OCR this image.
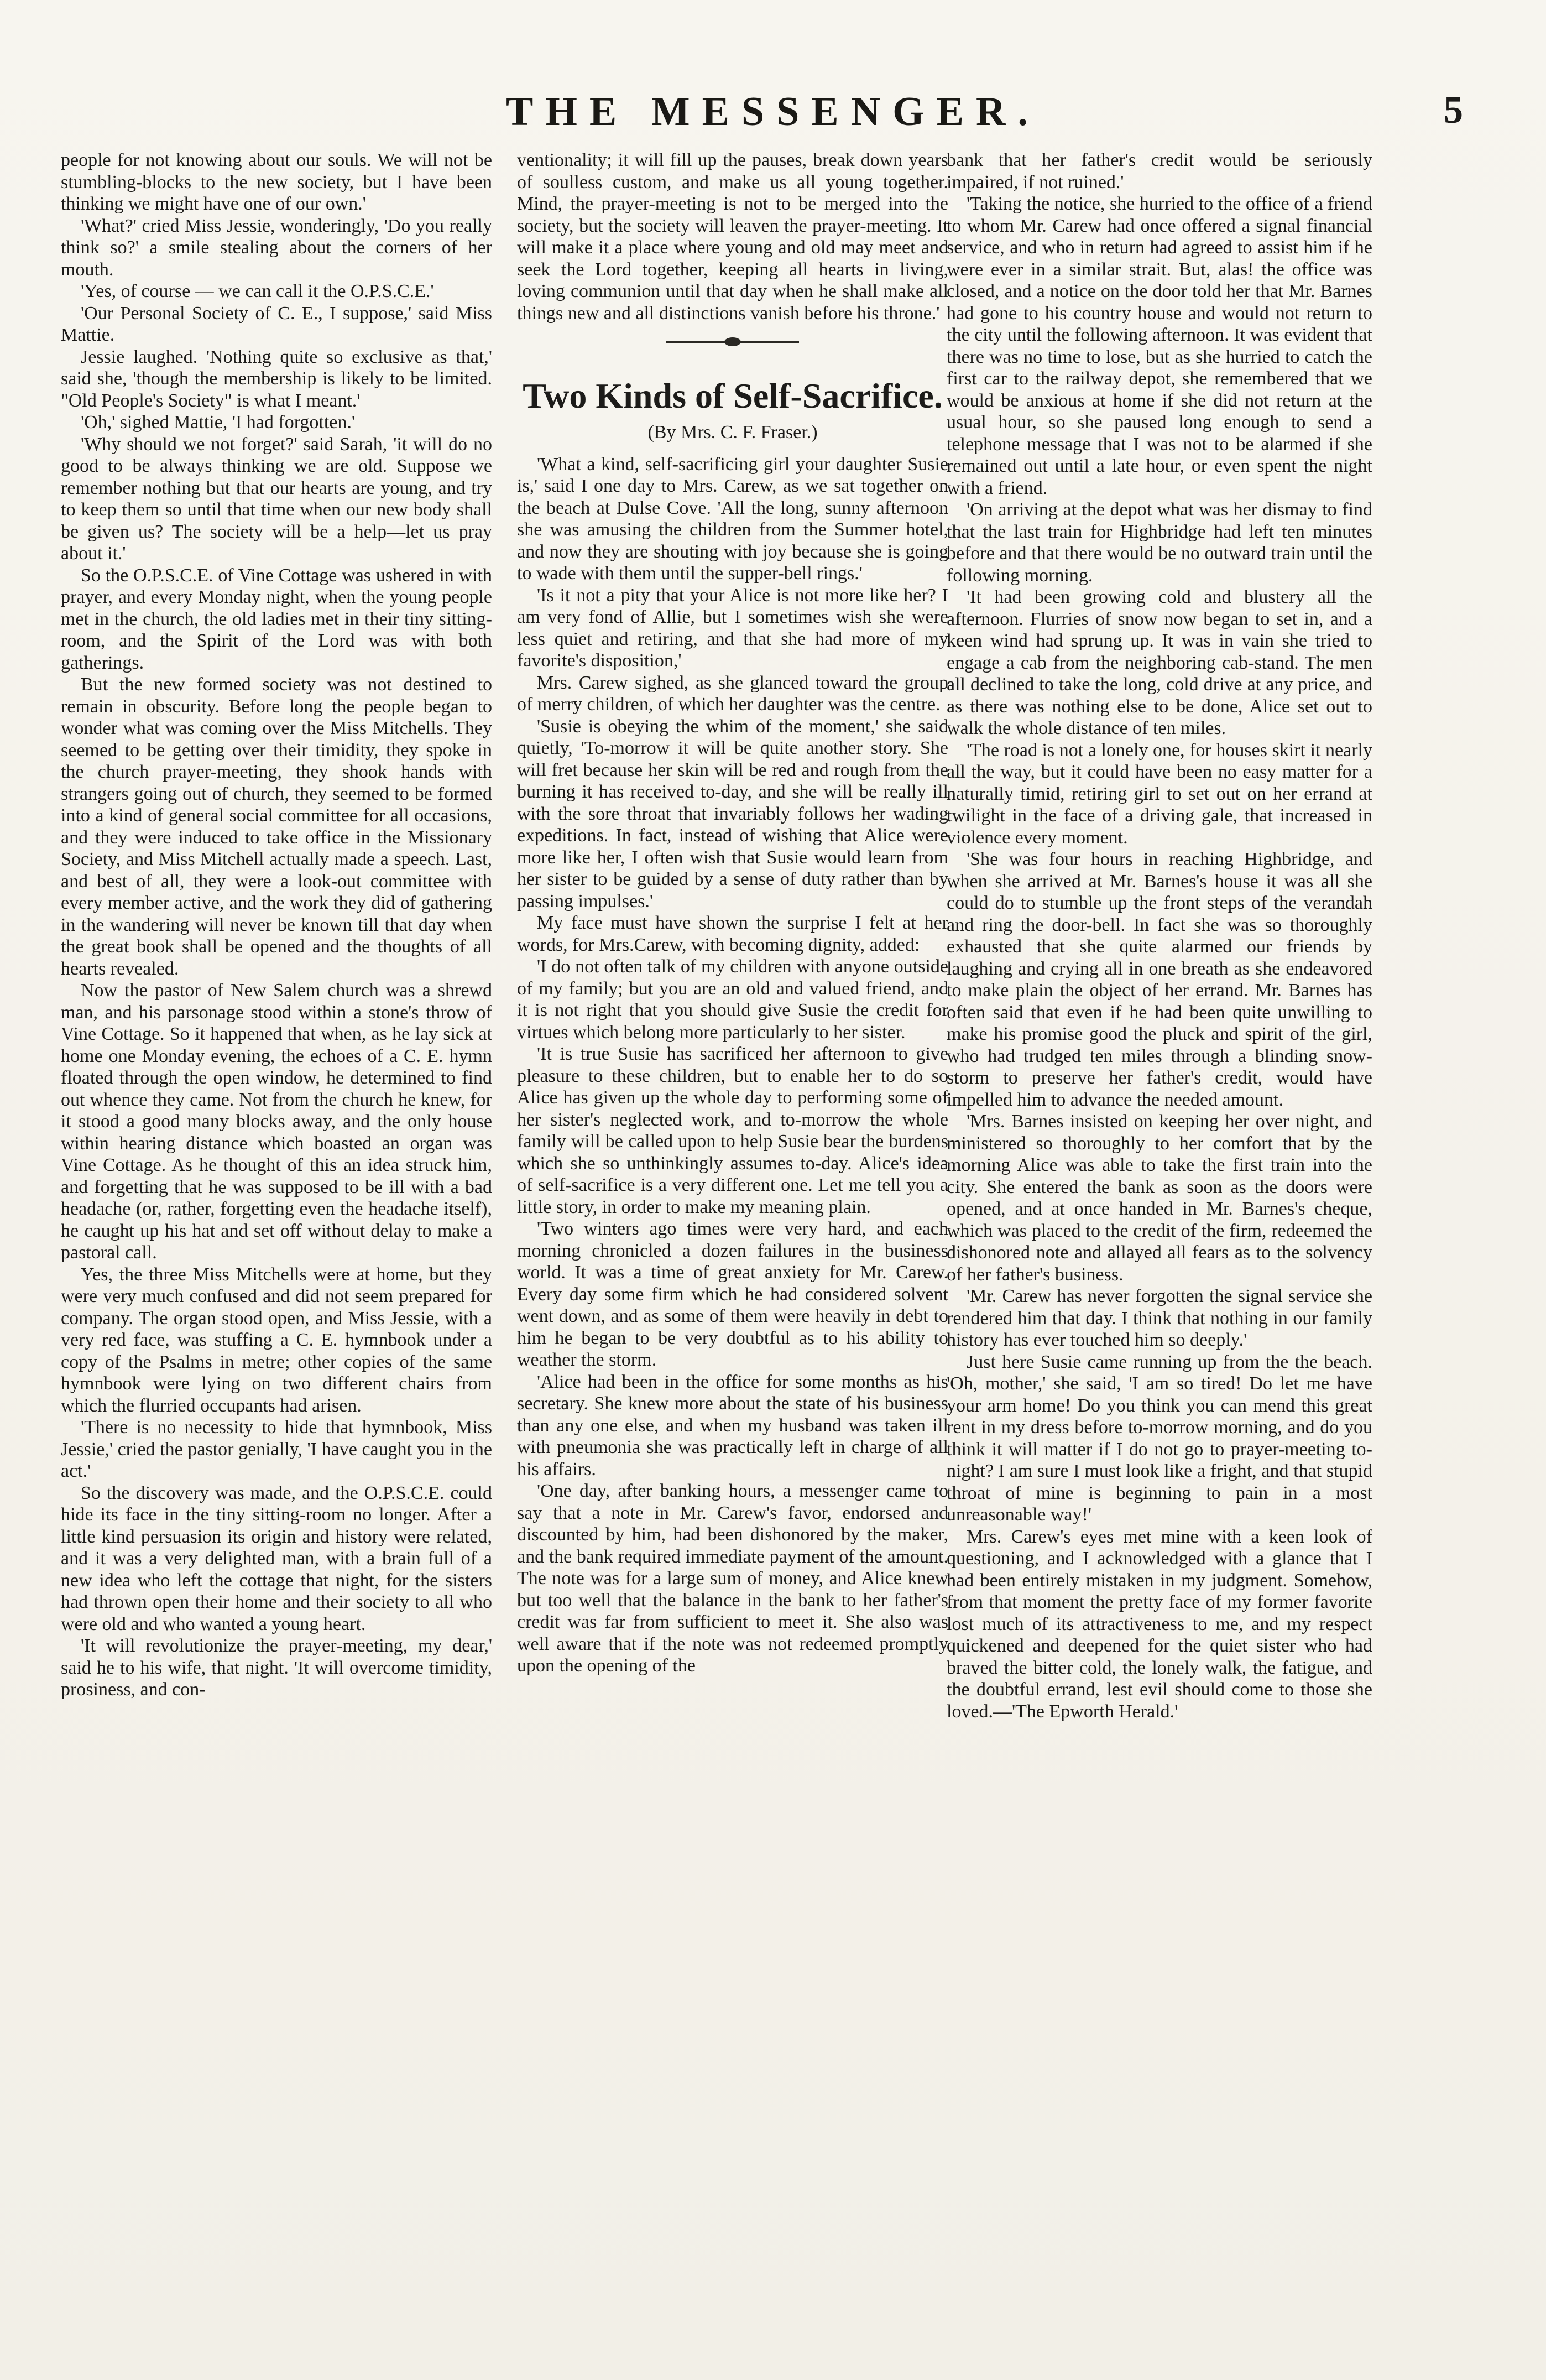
THE MESSENGER.	5

people for not knowing about our souls. We will not be stumbling-blocks to the new society, but I have been thinking we might have one of our own.'

'What?' cried Miss Jessie, wonderingly, 'Do you really think so?' a smile stealing about the corners of her mouth.

'Yes, of course — we can call it the O.P.S.C.E.'

'Our Personal Society of C. E., I suppose,' said Miss Mattie.

Jessie laughed. 'Nothing quite so exclusive as that,' said she, 'though the membership is likely to be limited. "Old People's Society" is what I meant.'

'Oh,' sighed Mattie, 'I had forgotten.'

'Why should we not forget?' said Sarah, 'it will do no good to be always thinking we are old. Suppose we remember nothing but that our hearts are young, and try to keep them so until that time when our new body shall be given us? The society will be a help—let us pray about it.'

So the O.P.S.C.E. of Vine Cottage was ushered in with prayer, and every Monday night, when the young people met in the church, the old ladies met in their tiny sitting-room, and the Spirit of the Lord was with both gatherings.

But the new formed society was not destined to remain in obscurity. Before long the people began to wonder what was coming over the Miss Mitchells. They seemed to be getting over their timidity, they spoke in the church prayer-meeting, they shook hands with strangers going out of church, they seemed to be formed into a kind of general social committee for all occasions, and they were induced to take office in the Missionary Society, and Miss Mitchell actually made a speech. Last, and best of all, they were a look-out committee with every member active, and the work they did of gathering in the wandering will never be known till that day when the great book shall be opened and the thoughts of all hearts revealed.

Now the pastor of New Salem church was a shrewd man, and his parsonage stood within a stone's throw of Vine Cottage. So it happened that when, as he lay sick at home one Monday evening, the echoes of a C. E. hymn floated through the open window, he determined to find out whence they came. Not from the church he knew, for it stood a good many blocks away, and the only house within hearing distance which boasted an organ was Vine Cottage. As he thought of this an idea struck him, and forgetting that he was supposed to be ill with a bad headache (or, rather, forgetting even the headache itself), he caught up his hat and set off without delay to make a pastoral call.

Yes, the three Miss Mitchells were at home, but they were very much confused and did not seem prepared for company. The organ stood open, and Miss Jessie, with a very red face, was stuffing a C. E. hymnbook under a copy of the Psalms in metre; other copies of the same hymnbook were lying on two different chairs from which the flurried occupants had arisen.

'There is no necessity to hide that hymnbook, Miss Jessie,' cried the pastor genially, 'I have caught you in the act.'

So the discovery was made, and the O.P.S.C.E. could hide its face in the tiny sitting-room no longer. After a little kind persuasion its origin and history were related, and it was a very delighted man, with a brain full of a new idea who left the cottage that night, for the sisters had thrown open their home and their society to all who were old and who wanted a young heart.

'It will revolutionize the prayer-meeting, my dear,' said he to his wife, that night. 'It will overcome timidity, prosiness, and con-

ventionality; it will fill up the pauses, break down years of soulless custom, and make us all young together. Mind, the prayer-meeting is not to be merged into the society, but the society will leaven the prayer-meeting. It will make it a place where young and old may meet and seek the Lord together, keeping all hearts in living, loving communion until that day when he shall make all things new and all distinctions vanish before his throne.'

Two Kinds of Self-Sacrifice.
(By Mrs. C. F. Fraser.)

'What a kind, self-sacrificing girl your daughter Susie is,' said I one day to Mrs. Carew, as we sat together on the beach at Dulse Cove. 'All the long, sunny afternoon she was amusing the children from the Summer hotel, and now they are shouting with joy because she is going to wade with them until the supper-bell rings.'

'Is it not a pity that your Alice is not more like her? I am very fond of Allie, but I sometimes wish she were less quiet and retiring, and that she had more of my favorite's disposition,'

Mrs. Carew sighed, as she glanced toward the group of merry children, of which her daughter was the centre.

'Susie is obeying the whim of the moment,' she said quietly, 'To-morrow it will be quite another story. She will fret because her skin will be red and rough from the burning it has received to-day, and she will be really ill with the sore throat that invariably follows her wading expeditions. In fact, instead of wishing that Alice were more like her, I often wish that Susie would learn from her sister to be guided by a sense of duty rather than by passing impulses.'

My face must have shown the surprise I felt at her words, for Mrs.Carew, with becoming dignity, added:

'I do not often talk of my children with anyone outside of my family; but you are an old and valued friend, and it is not right that you should give Susie the credit for virtues which belong more particularly to her sister.

'It is true Susie has sacrificed her afternoon to give pleasure to these children, but to enable her to do so Alice has given up the whole day to performing some of her sister's neglected work, and to-morrow the whole family will be called upon to help Susie bear the burdens which she so unthinkingly assumes to-day. Alice's idea of self-sacrifice is a very different one. Let me tell you a little story, in order to make my meaning plain.

'Two winters ago times were very hard, and each morning chronicled a dozen failures in the business world. It was a time of great anxiety for Mr. Carew. Every day some firm which he had considered solvent went down, and as some of them were heavily in debt to him he began to be very doubtful as to his ability to weather the storm.

'Alice had been in the office for some months as his secretary. She knew more about the state of his business than any one else, and when my husband was taken ill with pneumonia she was practically left in charge of all his affairs.

'One day, after banking hours, a messenger came to say that a note in Mr. Carew's favor, endorsed and discounted by him, had been dishonored by the maker, and the bank required immediate payment of the amount. The note was for a large sum of money, and Alice knew but too well that the balance in the bank to her father's credit was far from sufficient to meet it. She also was well aware that if the note was not redeemed promptly upon the opening of the

bank that her father's credit would be seriously impaired, if not ruined.'

'Taking the notice, she hurried to the office of a friend to whom Mr. Carew had once offered a signal financial service, and who in return had agreed to assist him if he were ever in a similar strait. But, alas! the office was closed, and a notice on the door told her that Mr. Barnes had gone to his country house and would not return to the city until the following afternoon. It was evident that there was no time to lose, but as she hurried to catch the first car to the railway depot, she remembered that we would be anxious at home if she did not return at the usual hour, so she paused long enough to send a telephone message that I was not to be alarmed if she remained out until a late hour, or even spent the night with a friend.

'On arriving at the depot what was her dismay to find that the last train for Highbridge had left ten minutes before and that there would be no outward train until the following morning.

'It had been growing cold and blustery all the afternoon. Flurries of snow now began to set in, and a keen wind had sprung up. It was in vain she tried to engage a cab from the neighboring cab-stand. The men all declined to take the long, cold drive at any price, and as there was nothing else to be done, Alice set out to walk the whole distance of ten miles.

'The road is not a lonely one, for houses skirt it nearly all the way, but it could have been no easy matter for a naturally timid, retiring girl to set out on her errand at twilight in the face of a driving gale, that increased in violence every moment.

'She was four hours in reaching Highbridge, and when she arrived at Mr. Barnes's house it was all she could do to stumble up the front steps of the verandah and ring the door-bell. In fact she was so thoroughly exhausted that she quite alarmed our friends by laughing and crying all in one breath as she endeavored to make plain the object of her errand. Mr. Barnes has often said that even if he had been quite unwilling to make his promise good the pluck and spirit of the girl, who had trudged ten miles through a blinding snow-storm to preserve her father's credit, would have impelled him to advance the needed amount.

'Mrs. Barnes insisted on keeping her over night, and ministered so thoroughly to her comfort that by the morning Alice was able to take the first train into the city. She entered the bank as soon as the doors were opened, and at once handed in Mr. Barnes's cheque, which was placed to the credit of the firm, redeemed the dishonored note and allayed all fears as to the solvency of her father's business.

'Mr. Carew has never forgotten the signal service she rendered him that day. I think that nothing in our family history has ever touched him so deeply.'

Just here Susie came running up from the the beach. 'Oh, mother,' she said, 'I am so tired! Do let me have your arm home! Do you think you can mend this great rent in my dress before to-morrow morning, and do you think it will matter if I do not go to prayer-meeting to-night? I am sure I must look like a fright, and that stupid throat of mine is beginning to pain in a most unreasonable way!'

Mrs. Carew's eyes met mine with a keen look of questioning, and I acknowledged with a glance that I had been entirely mistaken in my judgment. Somehow, from that moment the pretty face of my former favorite lost much of its attractiveness to me, and my respect quickened and deepened for the quiet sister who had braved the bitter cold, the lonely walk, the fatigue, and the doubtful errand, lest evil should come to those she loved.—'The Epworth Herald.'
